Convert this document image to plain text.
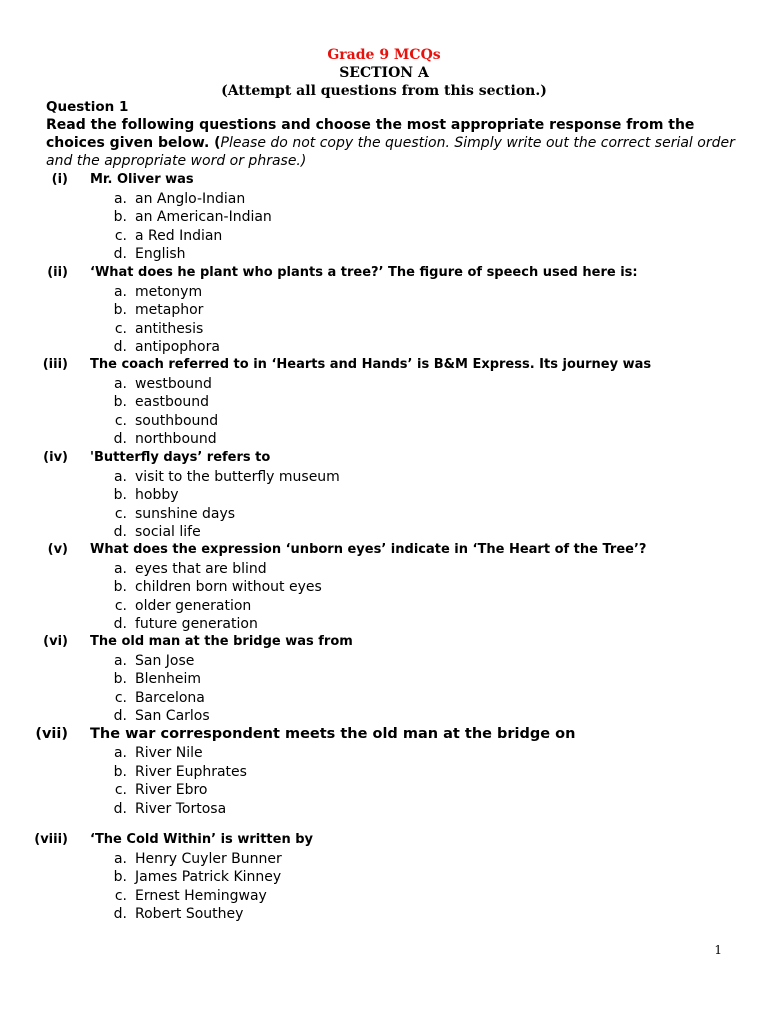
Grade 9 MCQs

SECTION A

(Attempt all questions from this section.)

Question 1

Read the following questions and choose the most appropriate response from the choices given below. (Please do not copy the question. Simply write out the correct serial order and the appropriate word or phrase.)

(i) Mr. Oliver was
a. an Anglo-Indian
b. an American-Indian
c. a Red Indian
d. English
(ii) ‘What does he plant who plants a tree?’ The figure of speech used here is:
a. metonym
b. metaphor
c. antithesis
d. antipophora
(iii) The coach referred to in ‘Hearts and Hands’ is B&M Express. Its journey was
a. westbound
b. eastbound
c. southbound
d. northbound
(iv) 'Butterfly days’ refers to
a. visit to the butterfly museum
b. hobby
c. sunshine days
d. social life
(v) What does the expression ‘unborn eyes’ indicate in ‘The Heart of the Tree’?
a. eyes that are blind
b. children born without eyes
c. older generation
d. future generation
(vi) The old man at the bridge was from
a. San Jose
b. Blenheim
c. Barcelona
d. San Carlos
(vii) The war correspondent meets the old man at the bridge on
a. River Nile
b. River Euphrates
c. River Ebro
d. River Tortosa
(viii) ‘The Cold Within’ is written by
a. Henry Cuyler Bunner
b. James Patrick Kinney
c. Ernest Hemingway
d. Robert Southey
1
